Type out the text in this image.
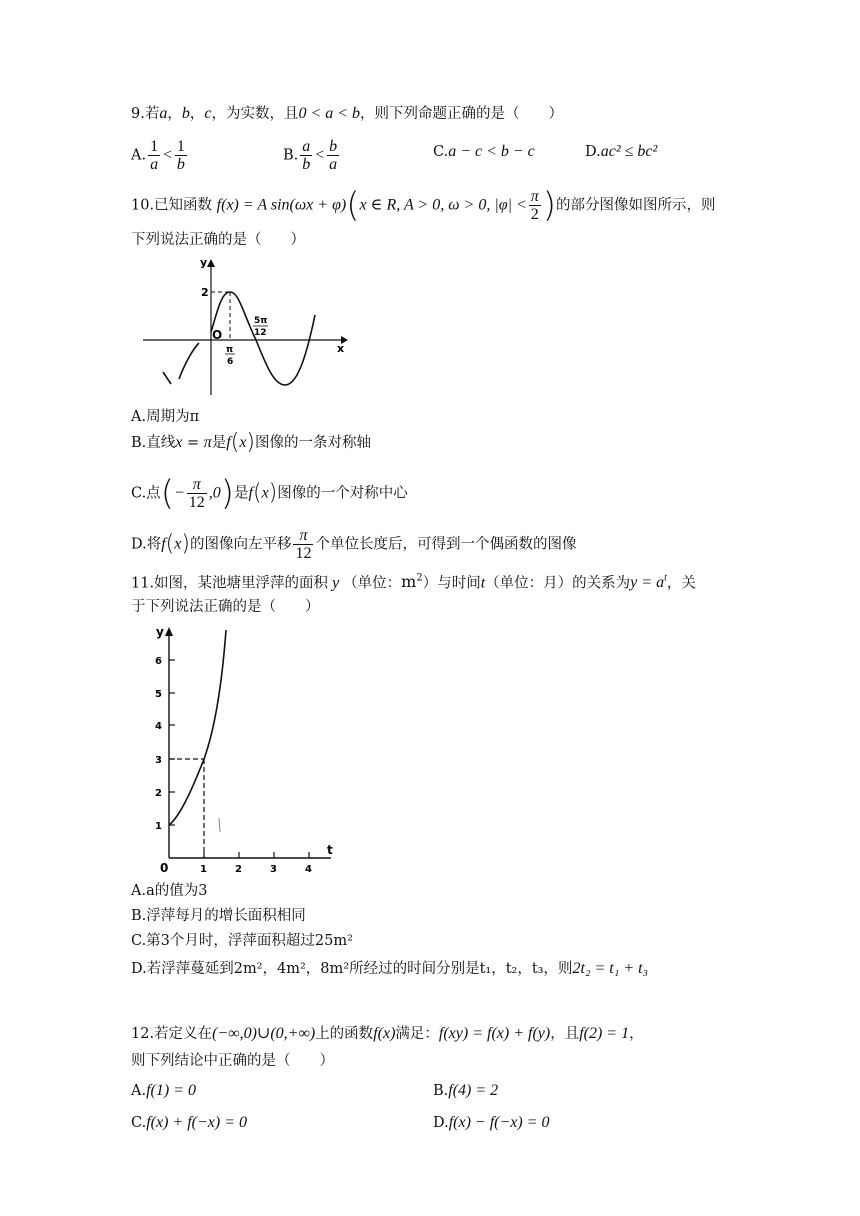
9.若a，b，c，为实数，且0 < a < b，则下列命题正确的是（　　）
A. $\frac{1}{a} < \frac{1}{b}$	B. $\frac{a}{b} < \frac{b}{a}$	C.a − c < b − c	D.ac² ≤ bc²
10.已知函数 f(x) = A sin(ωx + φ)(x ∈ R, A > 0, ω > 0, $|\varphi| < \frac{\pi}{2}$ )的部分图像如图所示，则
下列说法正确的是（　　）
y
x
O
2
π
6
5π
12
A.周期为π
B.直线x = π是f(x)图像的一条对称轴
C.点(− $\frac{\pi}{12} ,0$)是f(x)图像的一个对称中心
D.将f(x)的图像向左平移 $\frac{\pi}{12}$ 个单位长度后，可得到一个偶函数的图像
11.如图，某池塘里浮萍的面积 y （单位：$m^2$）与时间t（单位：月）的关系为$y = a^t$，关
于下列说法正确的是（　　）
y
t
0
1
2
3
4
5
6
1	2	3	4
A.a的值为3
B.浮萍每月的增长面积相同
C.第3个月时，浮萍面积超过25m²
D.若浮萍蔓延到2m²，4m²，8m²所经过的时间分别是t₁，t₂，t₃，则2t₂ = t₁ + t₃
12.若定义在(−∞,0)∪(0,+∞)上的函数f(x)满足：f(xy) = f(x) + f(y)，且f(2) = 1，
则下列结论中正确的是（　　）
A.f(1) = 0	B.f(4) = 2
C.f(x) + f(−x) = 0	D.f(x) − f(−x) = 0
